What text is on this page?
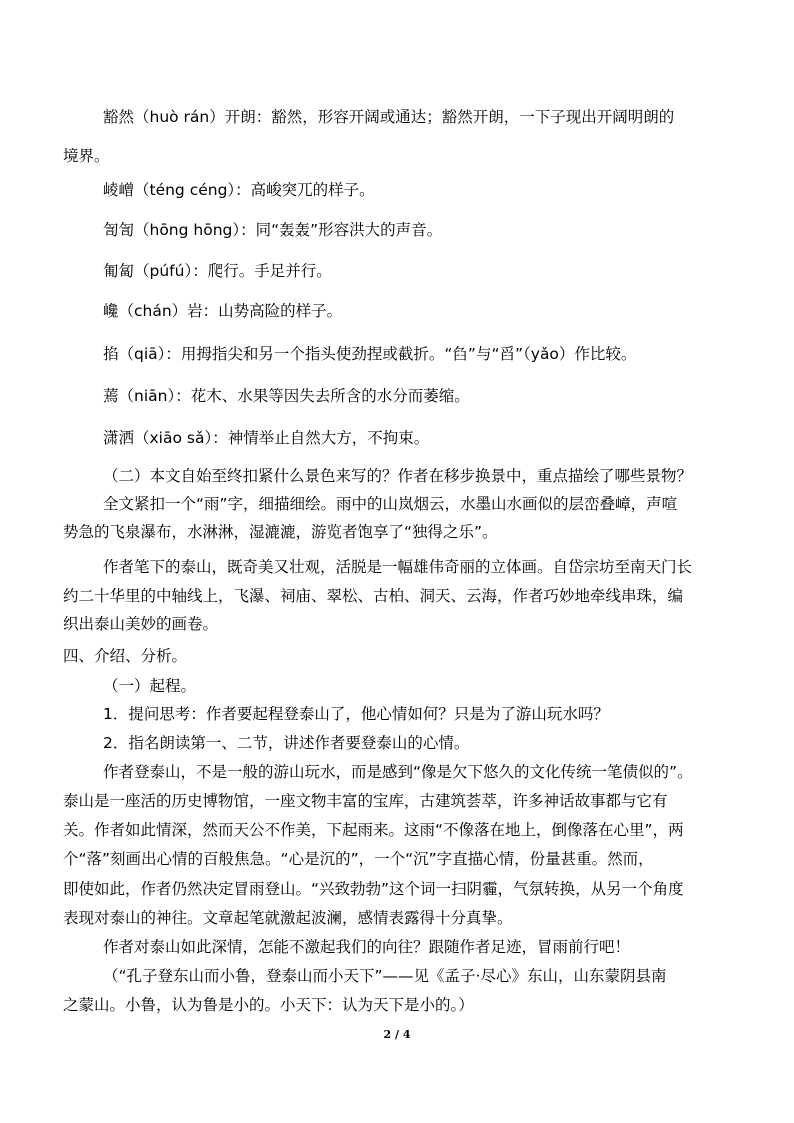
豁然（huò rán）开朗：豁然，形容开阔或通达；豁然开朗，一下子现出开阔明朗的
境界。
崚嶒（téng céng）：高峻突兀的样子。
訇訇（hōng hōng）：同“轰轰”形容洪大的声音。
匍匐（púfú）：爬行。手足并行。
巉（chán）岩：山势高险的样子。
掐（qiā）：用拇指尖和另一个指头使劲捏或截折。“臽”与“舀”（yǎo）作比较。
蔫（niān）：花木、水果等因失去所含的水分而萎缩。
潇洒（xiāo sǎ）：神情举止自然大方，不拘束。
（二）本文自始至终扣紧什么景色来写的？作者在移步换景中，重点描绘了哪些景物？
全文紧扣一个“雨”字，细描细绘。雨中的山岚烟云，水墨山水画似的层峦叠嶂，声喧
势急的飞泉瀑布，水淋淋，湿漉漉，游览者饱享了“独得之乐”。
作者笔下的泰山，既奇美又壮观，活脱是一幅雄伟奇丽的立体画。自岱宗坊至南天门长
约二十华里的中轴线上，飞瀑、祠庙、翠松、古柏、洞天、云海，作者巧妙地牵线串珠，编
织出泰山美妙的画卷。
四、介绍、分析。
（一）起程。
1．提问思考：作者要起程登泰山了，他心情如何？只是为了游山玩水吗？
2．指名朗读第一、二节，讲述作者要登泰山的心情。
作者登泰山，不是一般的游山玩水，而是感到“像是欠下悠久的文化传统一笔债似的”。
泰山是一座活的历史博物馆，一座文物丰富的宝库，古建筑荟萃，许多神话故事都与它有
关。作者如此情深，然而天公不作美，下起雨来。这雨“不像落在地上，倒像落在心里”，两
个“落”刻画出心情的百般焦急。“心是沉的”，一个“沉”字直描心情，份量甚重。然而，
即使如此，作者仍然决定冒雨登山。“兴致勃勃”这个词一扫阴霾，气氛转换，从另一个角度
表现对泰山的神往。文章起笔就激起波澜，感情表露得十分真挚。
作者对泰山如此深情，怎能不激起我们的向往？跟随作者足迹，冒雨前行吧！
（“孔子登东山而小鲁，登泰山而小天下”——见《孟子·尽心》东山，山东蒙阴县南
之蒙山。小鲁，认为鲁是小的。小天下：认为天下是小的。）
2 / 4
